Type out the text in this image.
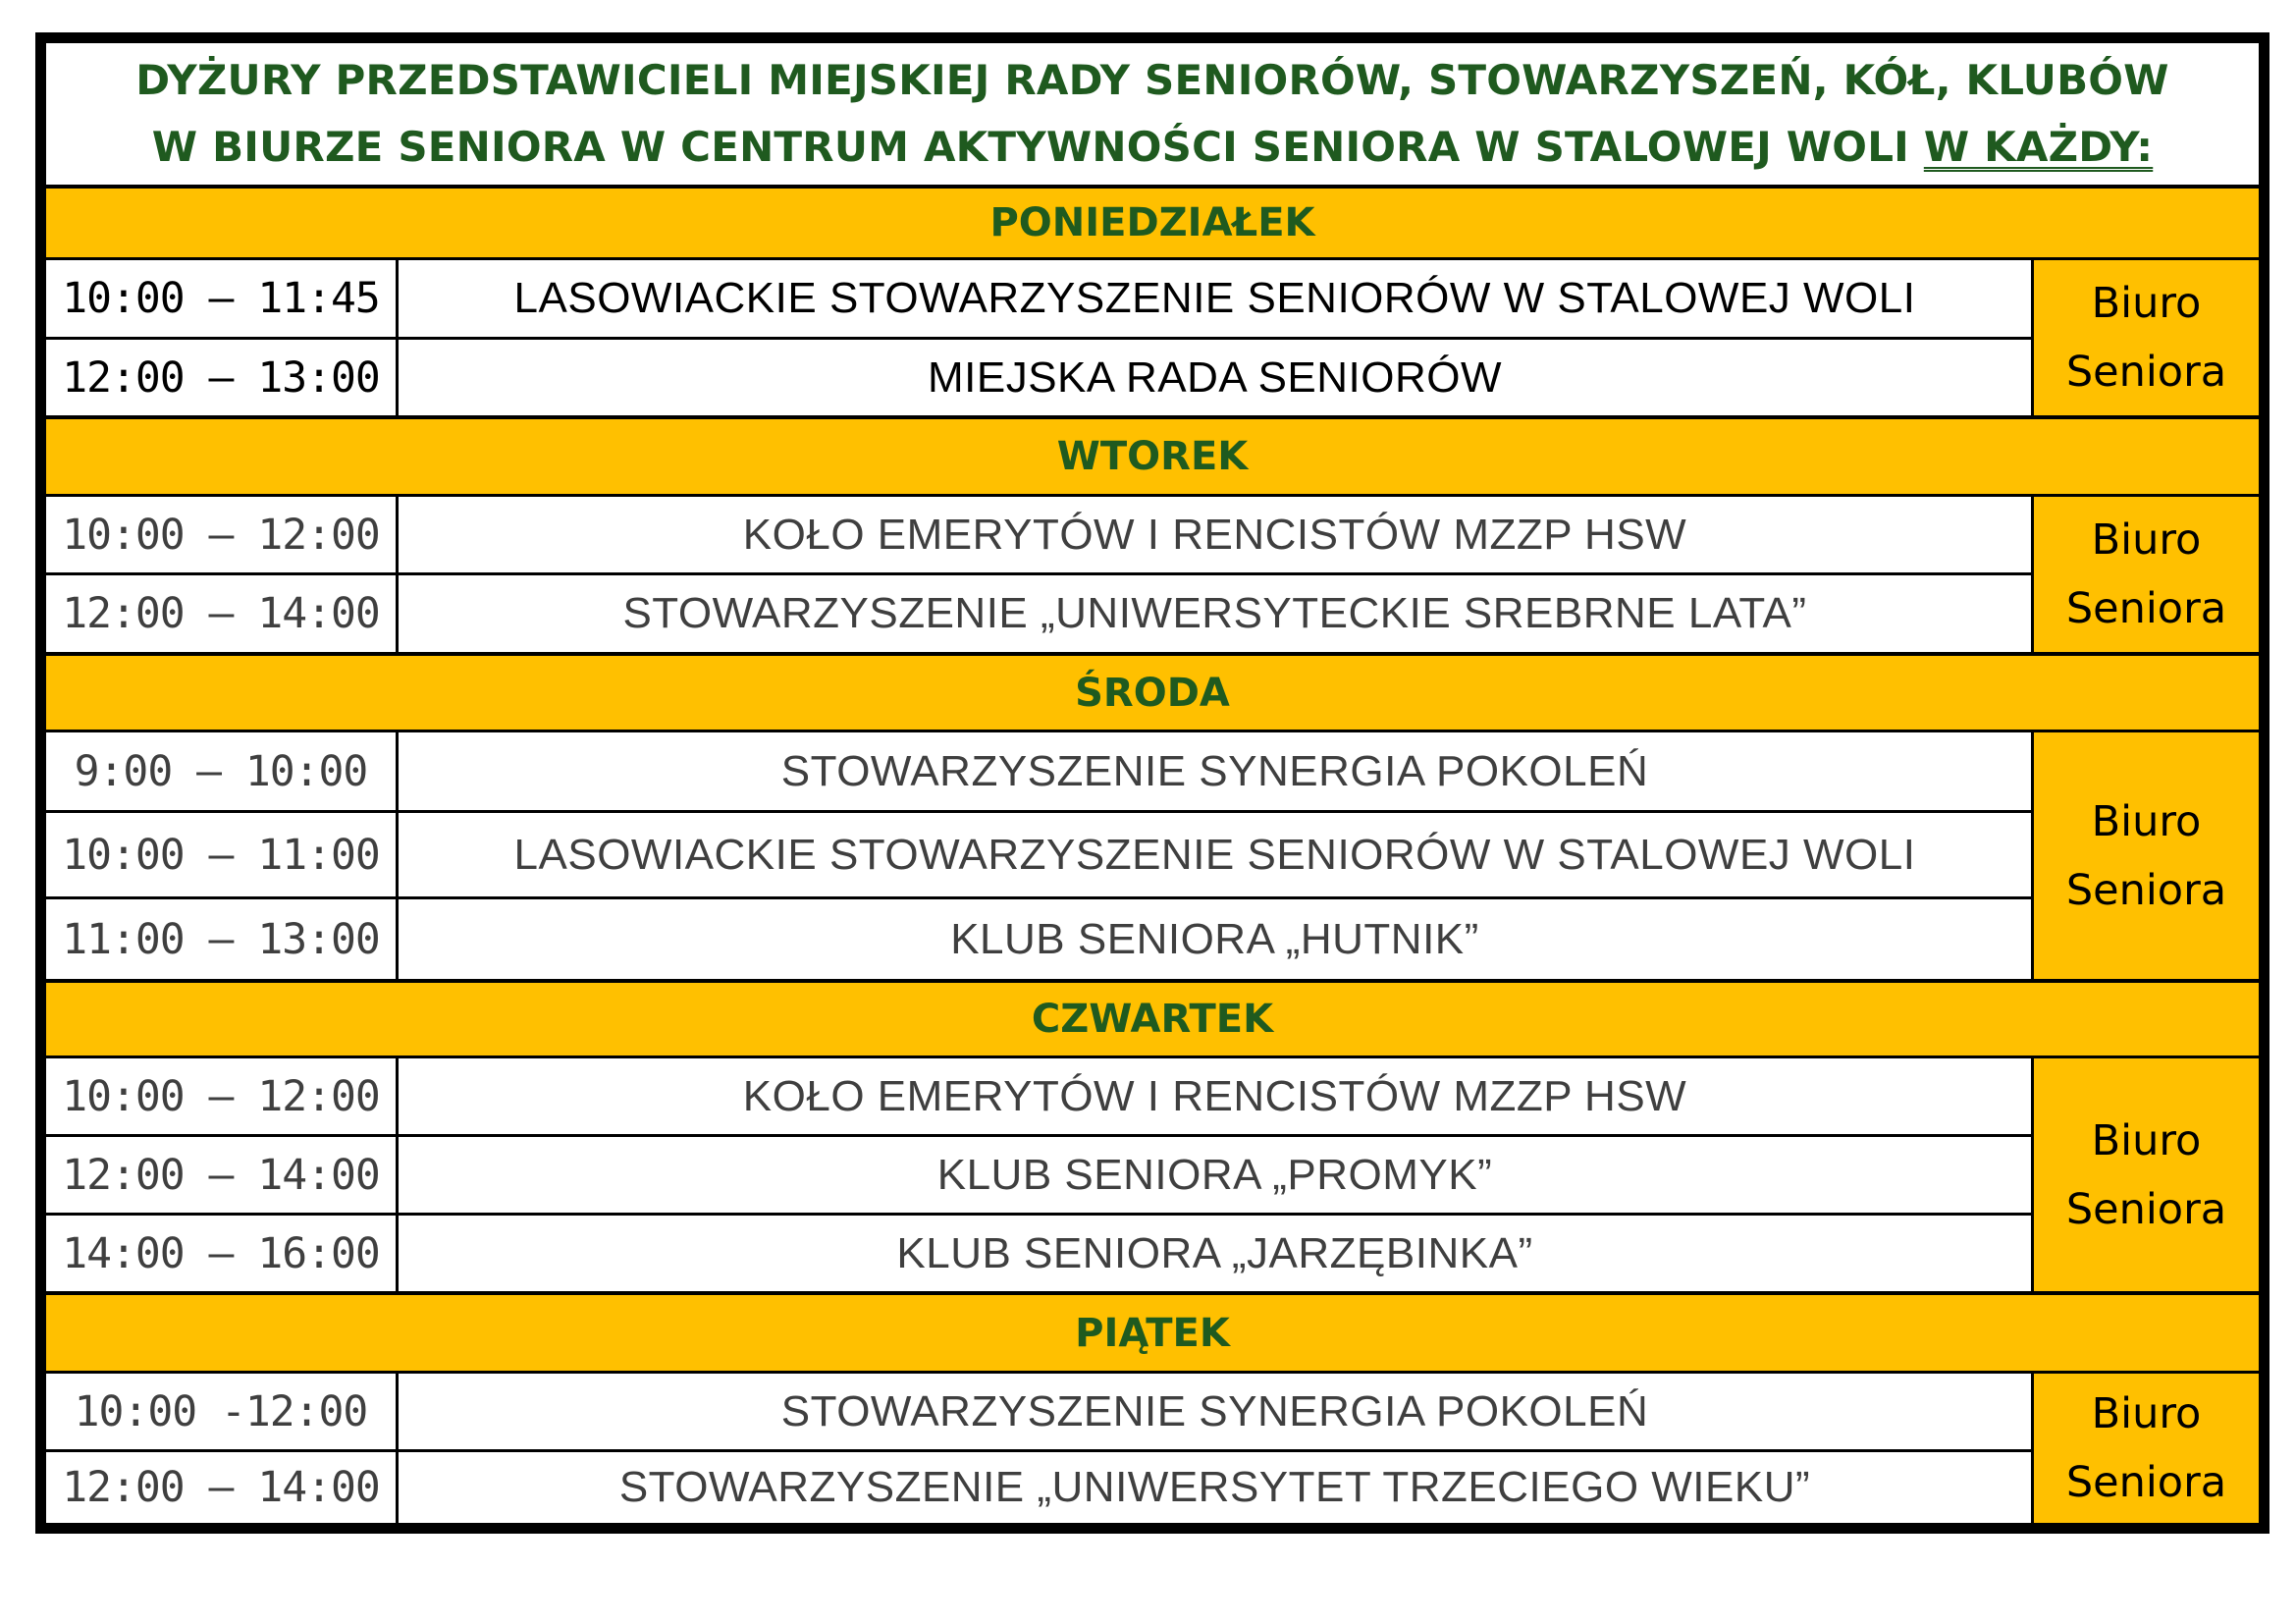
DYŻURY PRZEDSTAWICIELI MIEJSKIEJ RADY SENIORÓW, STOWARZYSZEŃ, KÓŁ, KLUBÓW
W BIURZE SENIORA W CENTRUM AKTYWNOŚCI SENIORA W STALOWEJ WOLI W KAŻDY:
PONIEDZIAŁEK
10:00 – 11:45	LASOWIACKIE STOWARZYSZENIE SENIORÓW W STALOWEJ WOLI
12:00 – 13:00	MIEJSKA RADA SENIORÓW
Biuro
Seniora
WTOREK
10:00 – 12:00	KOŁO EMERYTÓW I RENCISTÓW MZZP HSW
12:00 – 14:00	STOWARZYSZENIE „UNIWERSYTECKIE SREBRNE LATA”
Biuro
Seniora
ŚRODA
9:00 – 10:00	STOWARZYSZENIE SYNERGIA POKOLEŃ
10:00 – 11:00	LASOWIACKIE STOWARZYSZENIE SENIORÓW W STALOWEJ WOLI
11:00 – 13:00	KLUB SENIORA „HUTNIK”
Biuro
Seniora
CZWARTEK
10:00 – 12:00	KOŁO EMERYTÓW I RENCISTÓW MZZP HSW
12:00 – 14:00	KLUB SENIORA „PROMYK”
14:00 – 16:00	KLUB SENIORA „JARZĘBINKA”
Biuro
Seniora
PIĄTEK
10:00 -12:00	STOWARZYSZENIE SYNERGIA POKOLEŃ
12:00 – 14:00	STOWARZYSZENIE „UNIWERSYTET TRZECIEGO WIEKU”
Biuro
Seniora
